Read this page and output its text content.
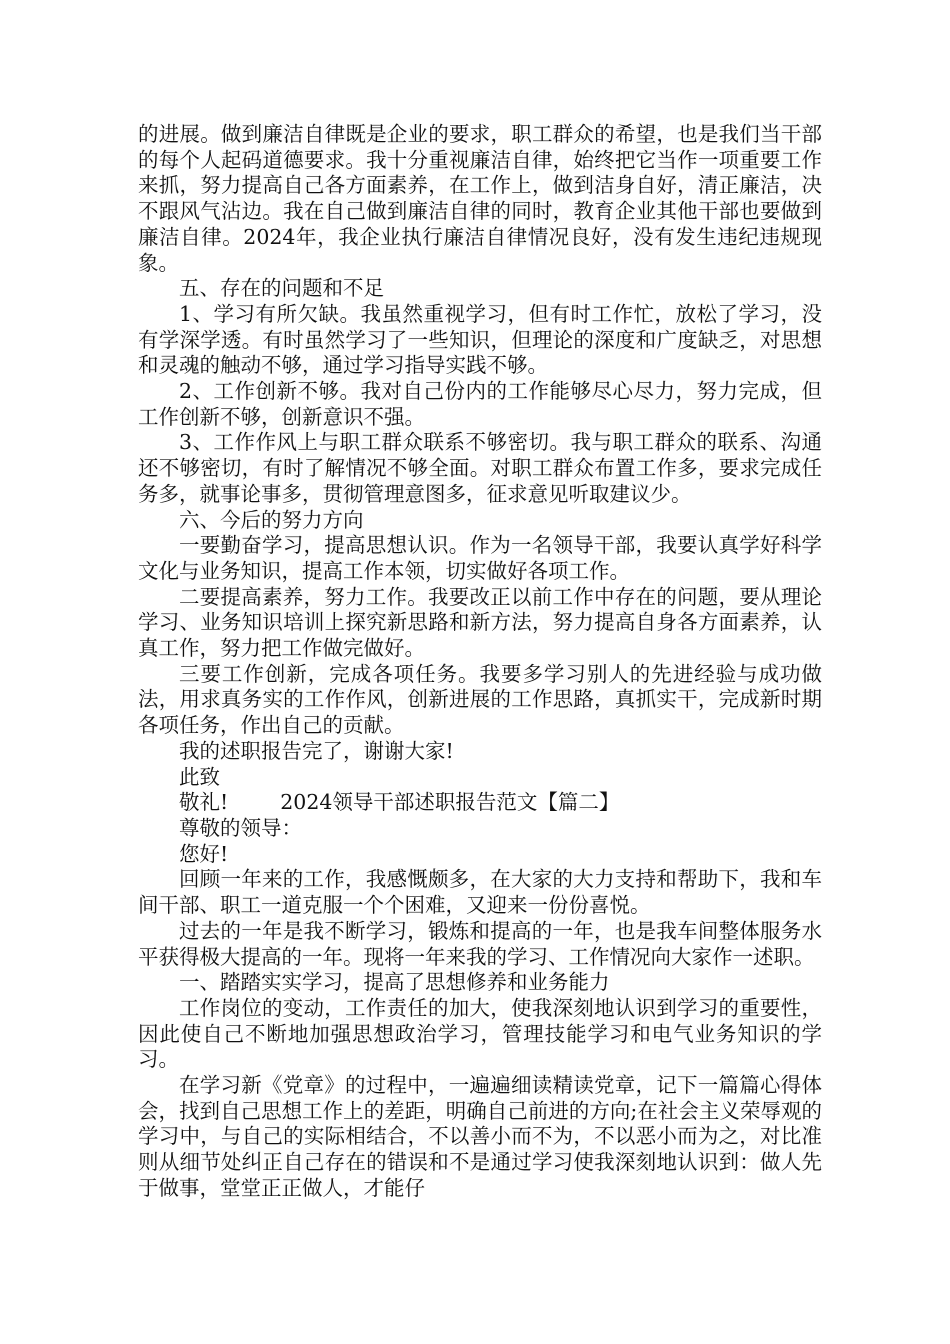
的进展。做到廉洁自律既是企业的要求，职工群众的希望，也是我们当干部的每个人起码道德要求。我十分重视廉洁自律，始终把它当作一项重要工作来抓，努力提高自己各方面素养，在工作上，做到洁身自好，清正廉洁，决不跟风气沾边。我在自己做到廉洁自律的同时，教育企业其他干部也要做到廉洁自律。2024年，我企业执行廉洁自律情况良好，没有发生违纪违规现象。

五、存在的问题和不足

1、学习有所欠缺。我虽然重视学习，但有时工作忙，放松了学习，没有学深学透。有时虽然学习了一些知识，但理论的深度和广度缺乏，对思想和灵魂的触动不够，通过学习指导实践不够。

2、工作创新不够。我对自己份内的工作能够尽心尽力，努力完成，但工作创新不够，创新意识不强。

3、工作作风上与职工群众联系不够密切。我与职工群众的联系、沟通还不够密切，有时了解情况不够全面。对职工群众布置工作多，要求完成任务多，就事论事多，贯彻管理意图多，征求意见听取建议少。

六、今后的努力方向

一要勤奋学习，提高思想认识。作为一名领导干部，我要认真学好科学文化与业务知识，提高工作本领，切实做好各项工作。

二要提高素养，努力工作。我要改正以前工作中存在的问题，要从理论学习、业务知识培训上探究新思路和新方法，努力提高自身各方面素养，认真工作，努力把工作做完做好。

三要工作创新，完成各项任务。我要多学习别人的先进经验与成功做法，用求真务实的工作作风，创新进展的工作思路，真抓实干，完成新时期各项任务，作出自己的贡献。

我的述职报告完了，谢谢大家!

此致

敬礼!	2024领导干部述职报告范文【篇二】

尊敬的领导：

您好!

回顾一年来的工作，我感慨颇多，在大家的大力支持和帮助下，我和车间干部、职工一道克服一个个困难，又迎来一份份喜悦。

过去的一年是我不断学习，锻炼和提高的一年，也是我车间整体服务水平获得极大提高的一年。现将一年来我的学习、工作情况向大家作一述职。

一、踏踏实实学习，提高了思想修养和业务能力

工作岗位的变动，工作责任的加大，使我深刻地认识到学习的重要性，因此使自己不断地加强思想政治学习，管理技能学习和电气业务知识的学习。

在学习新《党章》的过程中，一遍遍细读精读党章，记下一篇篇心得体会，找到自己思想工作上的差距，明确自己前进的方向;在社会主义荣辱观的学习中，与自己的实际相结合，不以善小而不为，不以恶小而为之，对比准则从细节处纠正自己存在的错误和不是通过学习使我深刻地认识到：做人先于做事，堂堂正正做人，才能仔
